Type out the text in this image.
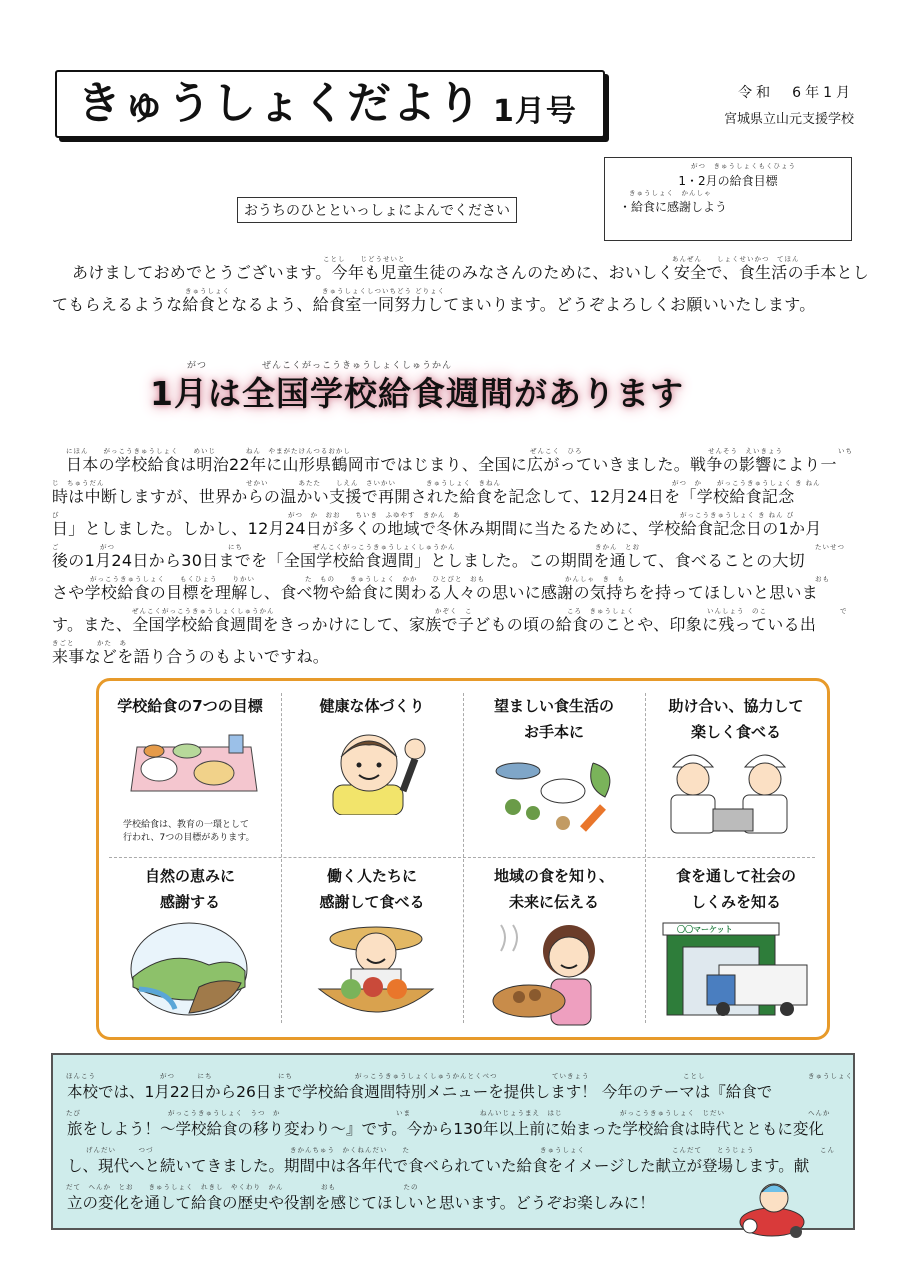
きゅうしょくだより 1月号
令和　6年1月
宮城県立山元支援学校
がつ　きゅうしょくもくひょう
1・2月の給食目標
きゅうしょく　かんしゃ
・給食に感謝しよう
おうちのひとといっしょによんでください
あけましておめでとうございます。今年も児童生徒のみなさんのために、おいしく安全で、食生活の手本とし
てもらえるような給食となるよう、給食室一同努力してまいります。どうぞよろしくお願いいたします。
ことし　　じどうせいと	あんぜん　　しょくせいかつ　てほん
きゅうしょく	きゅうしょくしついちどう どりょく
がつ	ぜんこくがっこうきゅうしょくしゅうかん
1月は全国学校給食週間があります
日本の学校給食は明治22年に山形県鶴岡市ではじまり、全国に広がっていきました。戦争の影響により一
時は中断しますが、世界からの温かい支援で再開された給食を記念して、12月24日を「学校給食記念
日」としました。しかし、12月24日が多くの地域で冬休み期間に当たるために、学校給食記念日の1か月
後の1月24日から30日までを「全国学校給食週間」としました。この期間を通して、食べることの大切
さや学校給食の目標を理解し、食べ物や給食に関わる人々の思いに感謝の気持ちを持ってほしいと思いま
す。また、全国学校給食週間をきっかけにして、家族で子どもの頃の給食のことや、印象に残っている出
来事などを語り合うのもよいですね。
にほん　　がっこうきゅうしょく　　めいじ　　　　ねん　やまがたけんつるおかし	ぜんこく　ひろ	せんそう　えいきょう	いち
じ　ちゅうだん	せかい　　　　あたた　　しえん　さいかい　　　　きゅうしょく　きねん	がつ　か　　がっこうきゅうしょく き ねん
び	がつ　か　おお　　ちいき　ふゆやす　きかん　あ	がっこうきゅうしょく き ねん び
ご	がつ	にち	ぜんこくがっこうきゅうしょくしゅうかん	きかん　とお	たいせつ
がっこうきゅうしょく　　もくひょう　　りかい	た　もの　　きゅうしょく　かか　　ひとびと　おも	かんしゃ　き　も	おも
ぜんこくがっこうきゅうしょくしゅうかん	かぞく　こ	ころ　きゅうしょく	いんしょう　のこ	で
きごと　　　かた　あ
学校給食の7つの目標	健康な体づくり	望ましい食生活の
お手本に
助け合い、協力して
楽しく食べる
自然の恵みに
感謝する
働く人たちに
感謝して食べる
地域の食を知り、
未来に伝える
食を通して社会の
しくみを知る
学校給食は、教育の一環として
行われ、7つの目標があります。
〇〇マーケット
本校では、1月22日から26日まで学校給食週間特別メニューを提供します！ 今年のテーマは『給食で
旅をしよう！～学校給食の移り変わり～』です。今から130年以上前に始まった学校給食は時代とともに変化
し、現代へと続いてきました。期間中は各年代で食べられていた給食をイメージした献立が登場します。献
立の変化を通して給食の歴史や役割を感じてほしいと思います。どうぞお楽しみに！
ほんこう	がつ　　　にち	にち	がっこうきゅうしょくしゅうかんとくべつ	ていきょう	ことし	きゅうしょく
たび	がっこうきゅうしょく　うつ　か	いま	ねんいじょうまえ　はじ	がっこうきゅうしょく　じだい	へんか
げんだい　　　つづ	きかんちゅう　かくねんだい　　た	きゅうしょく	こんだて　　とうじょう	こん
だて　へんか　とお　　きゅうしょく　れきし　やくわり　かん　　　　　おも　　　　　　　　　たの
